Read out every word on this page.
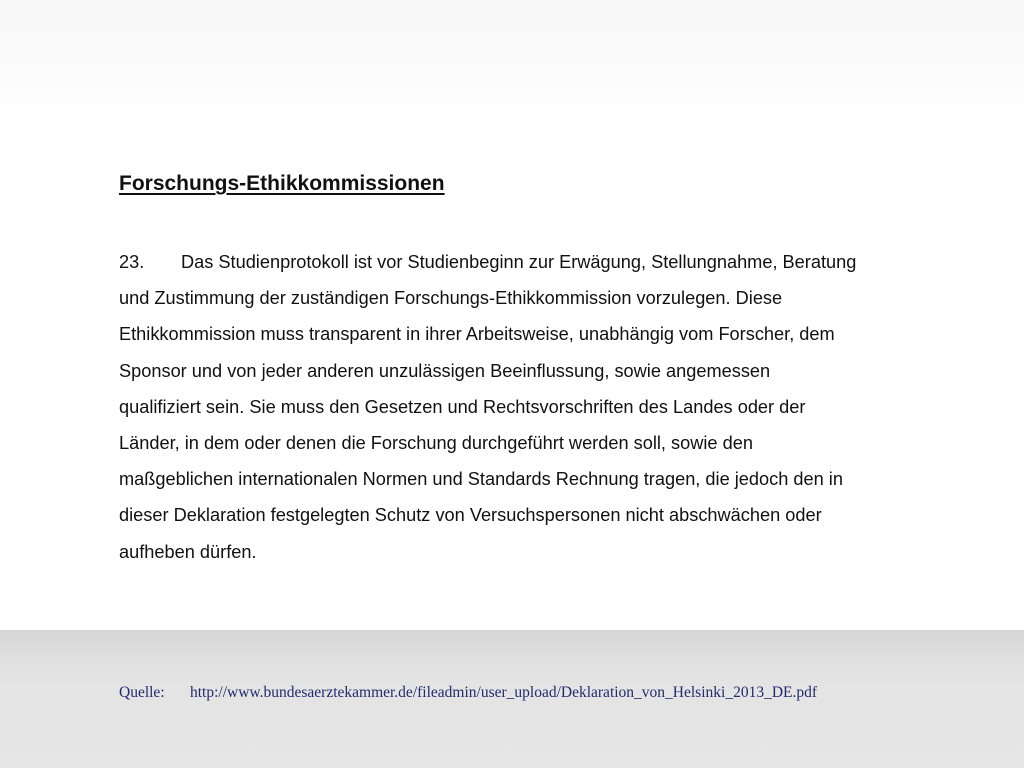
Forschungs-Ethikkommissionen
23. Das Studienprotokoll ist vor Studienbeginn zur Erwägung, Stellungnahme, Beratung
und Zustimmung der zuständigen Forschungs-Ethikkommission vorzulegen. Diese
Ethikkommission muss transparent in ihrer Arbeitsweise, unabhängig vom Forscher, dem
Sponsor und von jeder anderen unzulässigen Beeinflussung, sowie angemessen
qualifiziert sein. Sie muss den Gesetzen und Rechtsvorschriften des Landes oder der
Länder, in dem oder denen die Forschung durchgeführt werden soll, sowie den
maßgeblichen internationalen Normen und Standards Rechnung tragen, die jedoch den in
dieser Deklaration festgelegten Schutz von Versuchspersonen nicht abschwächen oder
aufheben dürfen.
Quelle: http://www.bundesaerztekammer.de/fileadmin/user_upload/Deklaration_von_Helsinki_2013_DE.pdf
